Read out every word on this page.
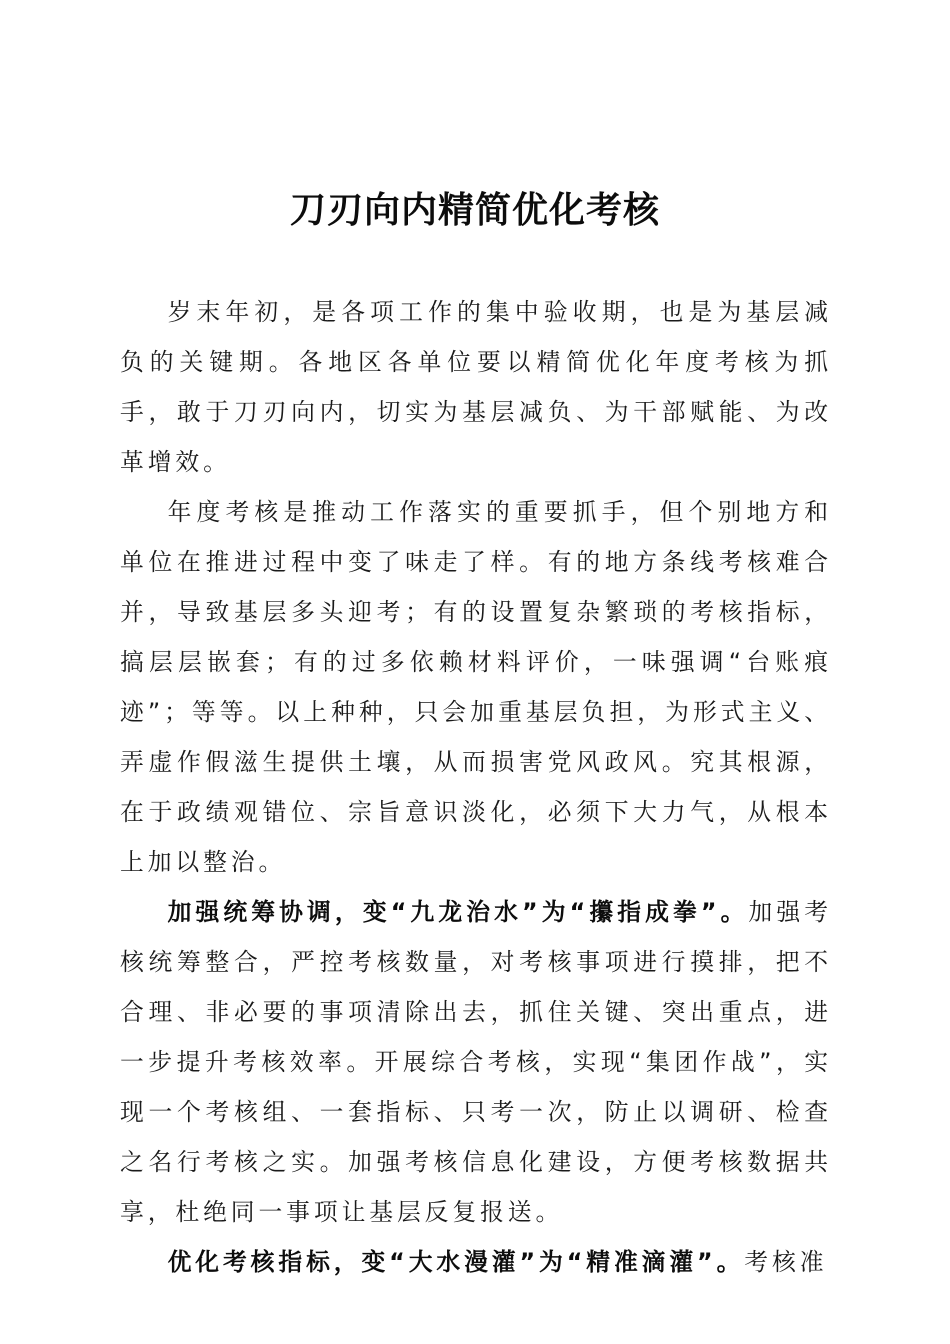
刀刃向内精简优化考核

岁末年初，是各项工作的集中验收期，也是为基层减负的关键期。各地区各单位要以精简优化年度考核为抓手，敢于刀刃向内，切实为基层减负、为干部赋能、为改革增效。

年度考核是推动工作落实的重要抓手，但个别地方和单位在推进过程中变了味走了样。有的地方条线考核难合并，导致基层多头迎考；有的设置复杂繁琐的考核指标，搞层层嵌套；有的过多依赖材料评价，一味强调“台账痕迹”；等等。以上种种，只会加重基层负担，为形式主义、弄虚作假滋生提供土壤，从而损害党风政风。究其根源，在于政绩观错位、宗旨意识淡化，必须下大力气，从根本上加以整治。

加强统筹协调，变“九龙治水”为“攥指成拳”。加强考核统筹整合，严控考核数量，对考核事项进行摸排，把不合理、非必要的事项清除出去，抓住关键、突出重点，进一步提升考核效率。开展综合考核，实现“集团作战”，实现一个考核组、一套指标、只考一次，防止以调研、检查之名行考核之实。加强考核信息化建设，方便考核数据共享，杜绝同一事项让基层反复报送。

优化考核指标，变“大水漫灌”为“精准滴灌”。考核准
